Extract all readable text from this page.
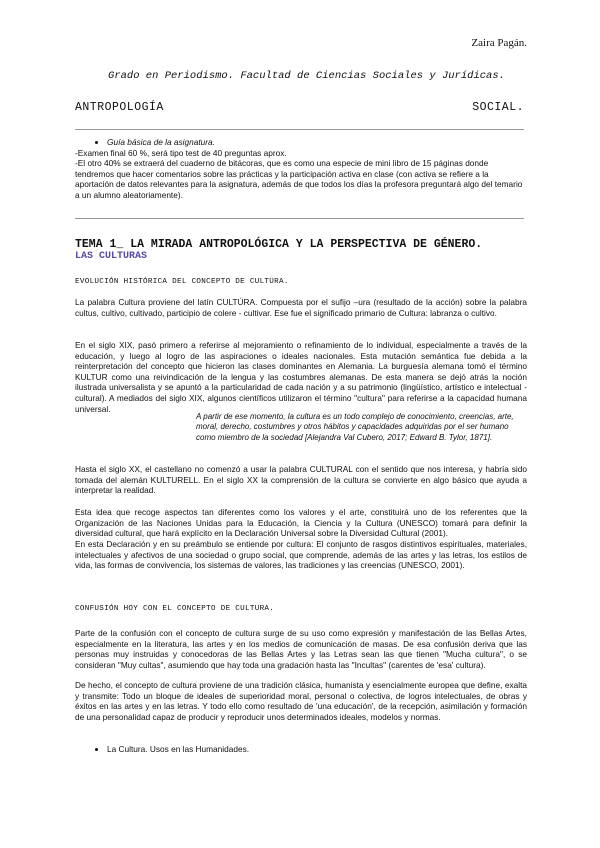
Zaira Pagán.
Grado en Periodismo. Facultad de Ciencias Sociales y Jurídicas.
ANTROPOLOGÍA	SOCIAL.
• Guía básica de la asignatura.

-Examen final 60 %, será tipo test de 40 preguntas aprox.

-El otro 40% se extraerá del cuaderno de bitácoras, que es como una especie de mini libro de 15 páginas donde tendremos que hacer comentarios sobre las prácticas y la participación activa en clase (con activa se refiere a la aportación de datos relevantes para la asignatura, además de que todos los días la profesora preguntará algo del temario a un alumno aleatoriamente).

TEMA 1_ LA MIRADA ANTROPOLÓGICA Y LA PERSPECTIVA DE GÉNERO.
LAS CULTURAS
EVOLUCIÓN HISTÓRICA DEL CONCEPTO DE CULTURA.

La palabra Cultura proviene del latín CULTÚRA. Compuesta por el sufijo –ura (resultado de la acción) sobre la palabra cultus, cultivo, cultivado, participio de colere - cultivar. Ese fue el significado primario de Cultura: labranza o cultivo.

En el siglo XIX, pasó primero a referirse al mejoramiento o refinamiento de lo individual, especialmente a través de la educación, y luego al logro de las aspiraciones o ideales nacionales. Esta mutación semántica fue debida a la reinterpretación del concepto que hicieron las clases dominantes en Alemania. La burguesía alemana tomó el término KULTUR como una reivindicación de la lengua y las costumbres alemanas. De esta manera se dejó atrás la noción ilustrada universalista y se apuntó a la particularidad de cada nación y a su patrimonio (lingüístico, artístico e intelectual - cultural). A mediados del siglo XIX, algunos científicos utilizaron el término "cultura" para referirse a la capacidad humana universal.

A partir de ese momento, la cultura es un todo complejo de conocimiento, creencias, arte, moral, derecho, costumbres y otros hábitos y capacidades adquiridas por el ser humano como miembro de la sociedad [Alejandra Val Cubero, 2017; Edward B. Tylor, 1871].

Hasta el siglo XX, el castellano no comenzó a usar la palabra CULTURAL con el sentido que nos interesa, y habría sido tomada del alemán KULTURELL. En el siglo XX la comprensión de la cultura se convierte en algo básico que ayuda a interpretar la realidad.

Esta idea que recoge aspectos tan diferentes como los valores y el arte, constituirá uno de los referentes que la Organización de las Naciones Unidas para la Educación, la Ciencia y la Cultura (UNESCO) tomará para definir la diversidad cultural, que hará explícito en la Declaración Universal sobre la Diversidad Cultural (2001).

En esta Declaración y en su preámbulo se entiende por cultura: El conjunto de rasgos distintivos espirituales, materiales, intelectuales y afectivos de una sociedad o grupo social, que comprende, además de las artes y las letras, los estilos de vida, las formas de convivencia, los sistemas de valores, las tradiciones y las creencias (UNESCO, 2001).

CONFUSIÓN HOY CON EL CONCEPTO DE CULTURA.

Parte de la confusión con el concepto de cultura surge de su uso como expresión y manifestación de las Bellas Artes, especialmente en la literatura, las artes y en los medios de comunicación de masas. De esa confusión deriva que las personas muy instruidas y conocedoras de las Bellas Artes y las Letras sean las que tienen "Mucha cultura", o se consideran "Muy cultas", asumiendo que hay toda una gradación hasta las "Incultas" (carentes de 'esa' cultura).

De hecho, el concepto de cultura proviene de una tradición clásica, humanista y esencialmente europea que define, exalta y transmite: Todo un bloque de ideales de superioridad moral, personal o colectiva, de logros intelectuales, de obras y éxitos en las artes y en las letras. Y todo ello como resultado de 'una educación', de la recepción, asimilación y formación de una personalidad capaz de producir y reproducir unos determinados ideales, modelos y normas.

• La Cultura. Usos en las Humanidades.
